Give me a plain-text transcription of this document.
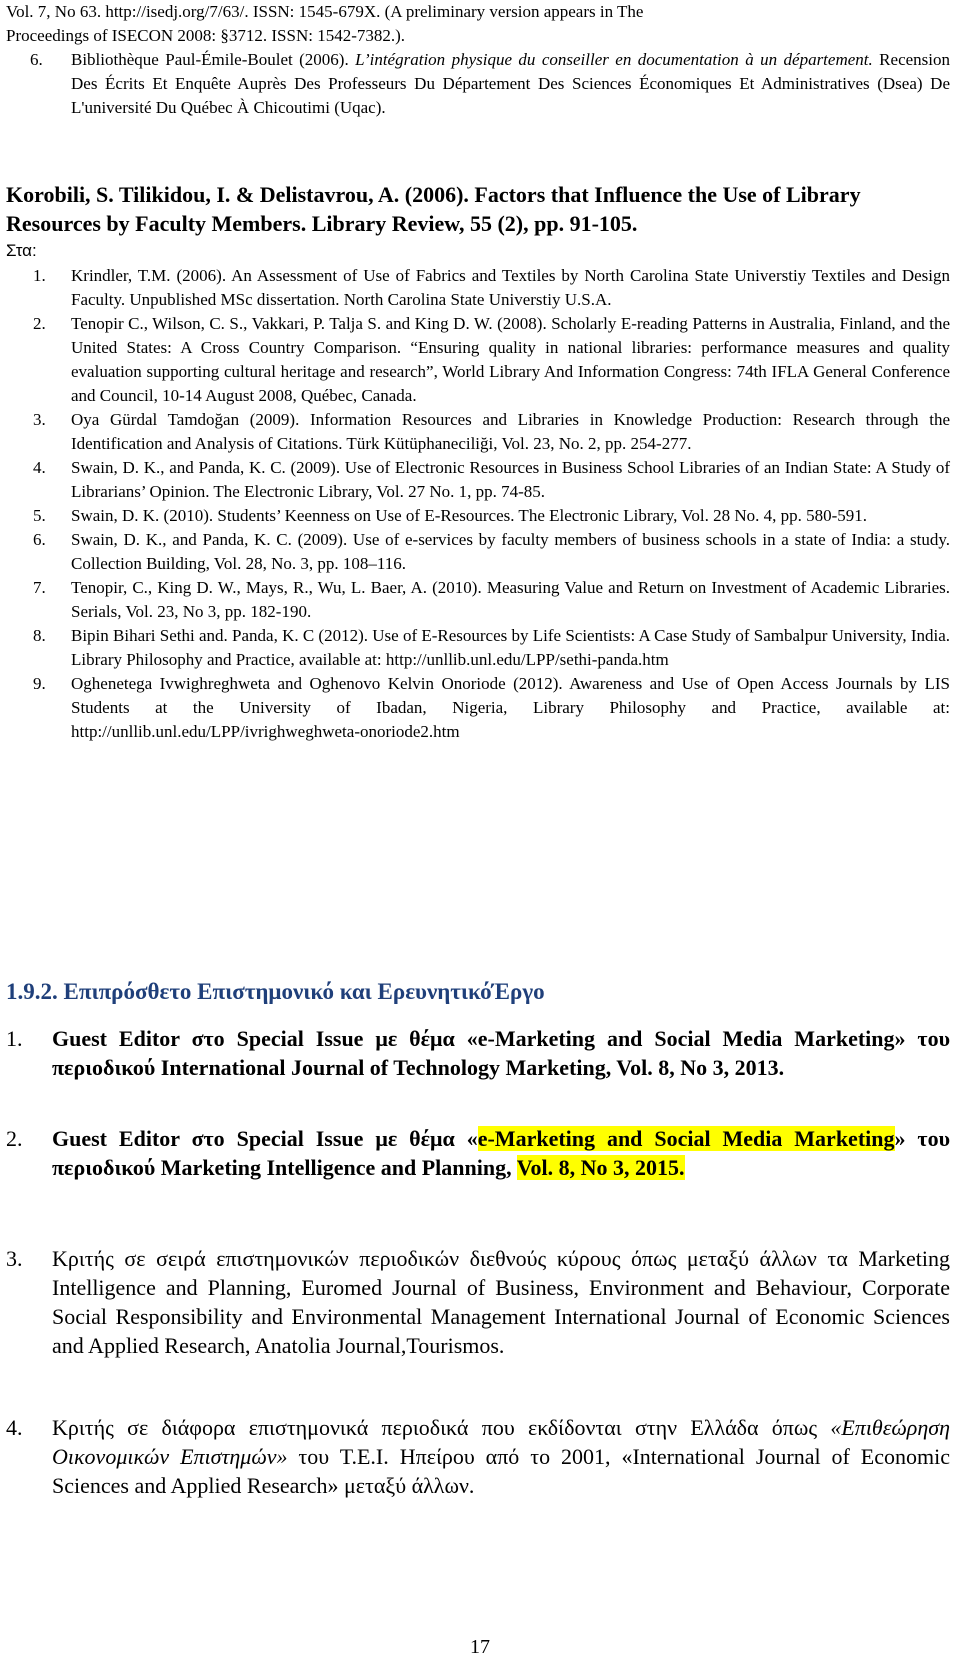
Vol. 7, No 63. http://isedj.org/7/63/. ISSN: 1545-679X. (A preliminary version appears in The
Proceedings of ISECON 2008: §3712. ISSN: 1542-7382.).
6. Bibliothèque Paul-Émile-Boulet (2006). L’intégration physique du conseiller en documentation à un département. Recension Des Écrits Et Enquête Auprès Des Professeurs Du Département Des Sciences Économiques Et Administratives (Dsea) De L'université Du Québec À Chicoutimi (Uqac).

Korobili, S. Tilikidou, I. & Delistavrou, A. (2006). Factors that Influence the Use of Library Resources by Faculty Members. Library Review, 55 (2), pp. 91-105.

Στα:
1. Krindler, T.M. (2006). An Assessment of Use of Fabrics and Textiles by North Carolina State Universtiy Textiles and Design Faculty. Unpublished MSc dissertation. North Carolina State Universtiy U.S.A.

2. Tenopir C., Wilson, C. S., Vakkari, P. Talja S. and King D. W. (2008). Scholarly E-reading Patterns in Australia, Finland, and the United States: A Cross Country Comparison. “Ensuring quality in national libraries: performance measures and quality evaluation supporting cultural heritage and research”, World Library And Information Congress: 74th IFLA General Conference and Council, 10-14 August 2008, Québec, Canada.

3. Oya Gürdal Tamdoğan (2009). Information Resources and Libraries in Knowledge Production: Research through the Identification and Analysis of Citations. Türk Kütüphaneciliği, Vol. 23, No. 2, pp. 254-277.

4. Swain, D. K., and Panda, K. C. (2009). Use of Electronic Resources in Business School Libraries of an Indian State: A Study of Librarians’ Opinion. The Electronic Library, Vol. 27 No. 1, pp. 74-85.

5. Swain, D. K. (2010). Students’ Keenness on Use of E-Resources. The Electronic Library, Vol. 28 No. 4, pp. 580-591.

6. Swain, D. K., and Panda, K. C. (2009). Use of e-services by faculty members of business schools in a state of India: a study. Collection Building, Vol. 28, No. 3, pp. 108–116.

7. Tenopir, C., King D. W., Mays, R., Wu, L. Baer, A. (2010). Measuring Value and Return on Investment of Academic Libraries. Serials, Vol. 23, No 3, pp. 182-190.

8. Bipin Bihari Sethi and. Panda, K. C (2012). Use of E-Resources by Life Scientists: A Case Study of Sambalpur University, India. Library Philosophy and Practice, available at: http://unllib.unl.edu/LPP/sethi-panda.htm

9. Oghenetega Ivwighreghweta and Oghenovo Kelvin Onoriode (2012). Awareness and Use of Open Access Journals by LIS Students at the University of Ibadan, Nigeria, Library Philosophy and Practice, available at: http://unllib.unl.edu/LPP/ivrighweghweta-onoriode2.htm

1.9.2. Επιπρόσθετο Επιστημονικό και ΕρευνητικόΈργο
1. Guest Editor στο Special Issue με θέμα «e-Marketing and Social Media Marketing» του περιοδικού International Journal of Technology Marketing, Vol. 8, No 3, 2013.

2. Guest Editor στο Special Issue με θέμα «e-Marketing and Social Media Marketing» του περιοδικού Marketing Intelligence and Planning, Vol. 8, No 3, 2015.

3. Κριτής σε σειρά επιστημονικών περιοδικών διεθνούς κύρους όπως μεταξύ άλλων τα Marketing Intelligence and Planning, Euromed Journal of Business, Environment and Behaviour, Corporate Social Responsibility and Environmental Management International Journal of Economic Sciences and Applied Research, Anatolia Journal,Tourismos.

4. Κριτής σε διάφορα επιστημονικά περιοδικά που εκδίδονται στην Ελλάδα όπως «Επιθεώρηση Οικονομικών Επιστημών» του Τ.Ε.Ι. Ηπείρου από το 2001, «International Journal of Economic Sciences and Applied Research» μεταξύ άλλων.

17
